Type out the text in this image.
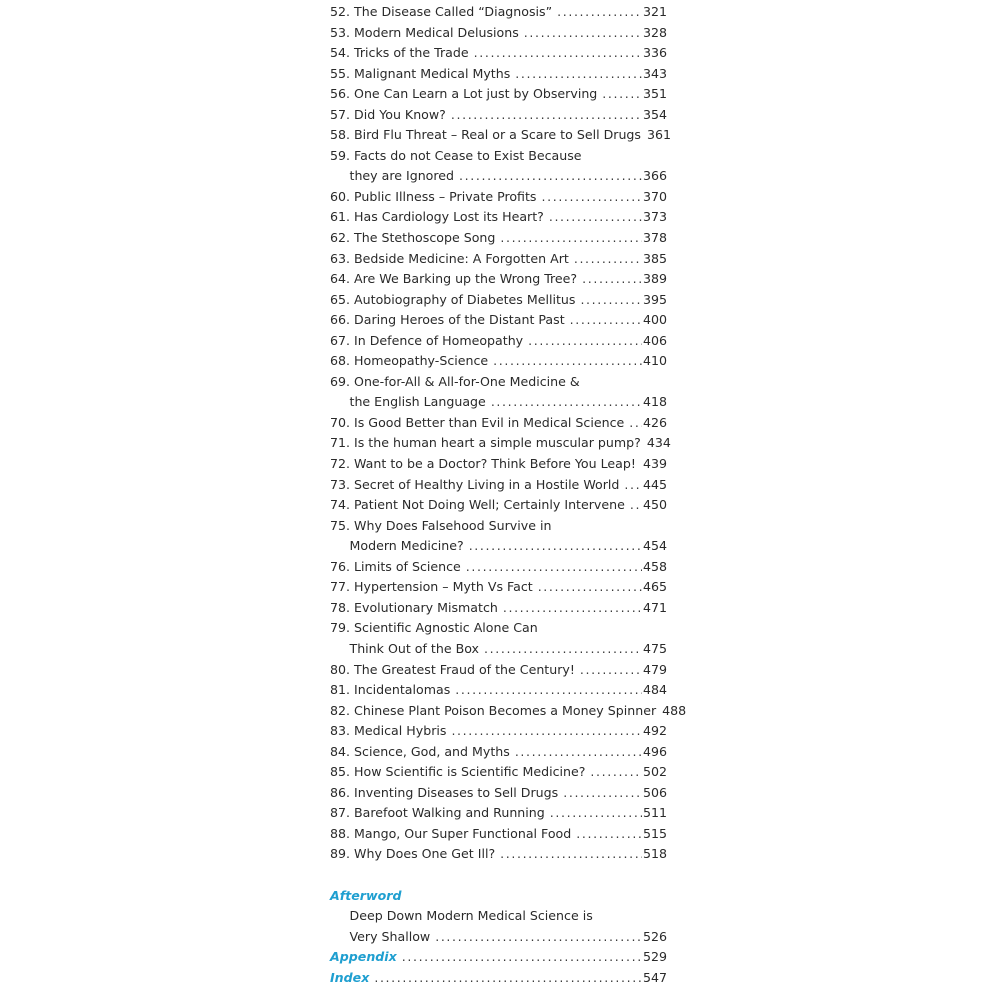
52. The Disease Called “Diagnosis” . . .	321
53. Modern Medical Delusions . . .	328
54. Tricks of the Trade . . .	336
55. Malignant Medical Myths . . .	343
56. One Can Learn a Lot just by Observing . . .	351
57. Did You Know? . . .	354
58. Bird Flu Threat – Real or a Scare to Sell Drugs 361
59. Facts do not Cease to Exist Because
they are Ignored . . .	366
60. Public Illness – Private Profits . . .	370
61. Has Cardiology Lost its Heart? . . .	373
62. The Stethoscope Song . . .	378
63. Bedside Medicine: A Forgotten Art . . .	385
64. Are We Barking up the Wrong Tree? . . .	389
65. Autobiography of Diabetes Mellitus . . .	395
66. Daring Heroes of the Distant Past . . .	400
67. In Defence of Homeopathy . . .	406
68. Homeopathy-Science . . .	410
69. One-for-All & All-for-One Medicine &
the English Language . . .	418
70. Is Good Better than Evil in Medical Science . . . 426
71. Is the human heart a simple muscular pump? 434
72. Want to be a Doctor? Think Before You Leap! . . . 439
73. Secret of Healthy Living in a Hostile World . . . 445
74. Patient Not Doing Well; Certainly Intervene . . . 450
75. Why Does Falsehood Survive in
Modern Medicine? . . .	454
76. Limits of Science . . .	458
77. Hypertension – Myth Vs Fact . . .	465
78. Evolutionary Mismatch . . .	471
79. Scientific Agnostic Alone Can
Think Out of the Box . . .	475
80. The Greatest Fraud of the Century! . . .	479
81. Incidentalomas . . .	484
82. Chinese Plant Poison Becomes a Money Spinner 488
83. Medical Hybris . . .	492
84. Science, God, and Myths . . .	496
85. How Scientific is Scientific Medicine? . . .	502
86. Inventing Diseases to Sell Drugs . . .	506
87. Barefoot Walking and Running . . .	511
88. Mango, Our Super Functional Food . . .	515
89. Why Does One Get Ill? . . .	518
Afterword
Deep Down Modern Medical Science is
Very Shallow . . .	526
Appendix . . .	529
Index . . .	547
